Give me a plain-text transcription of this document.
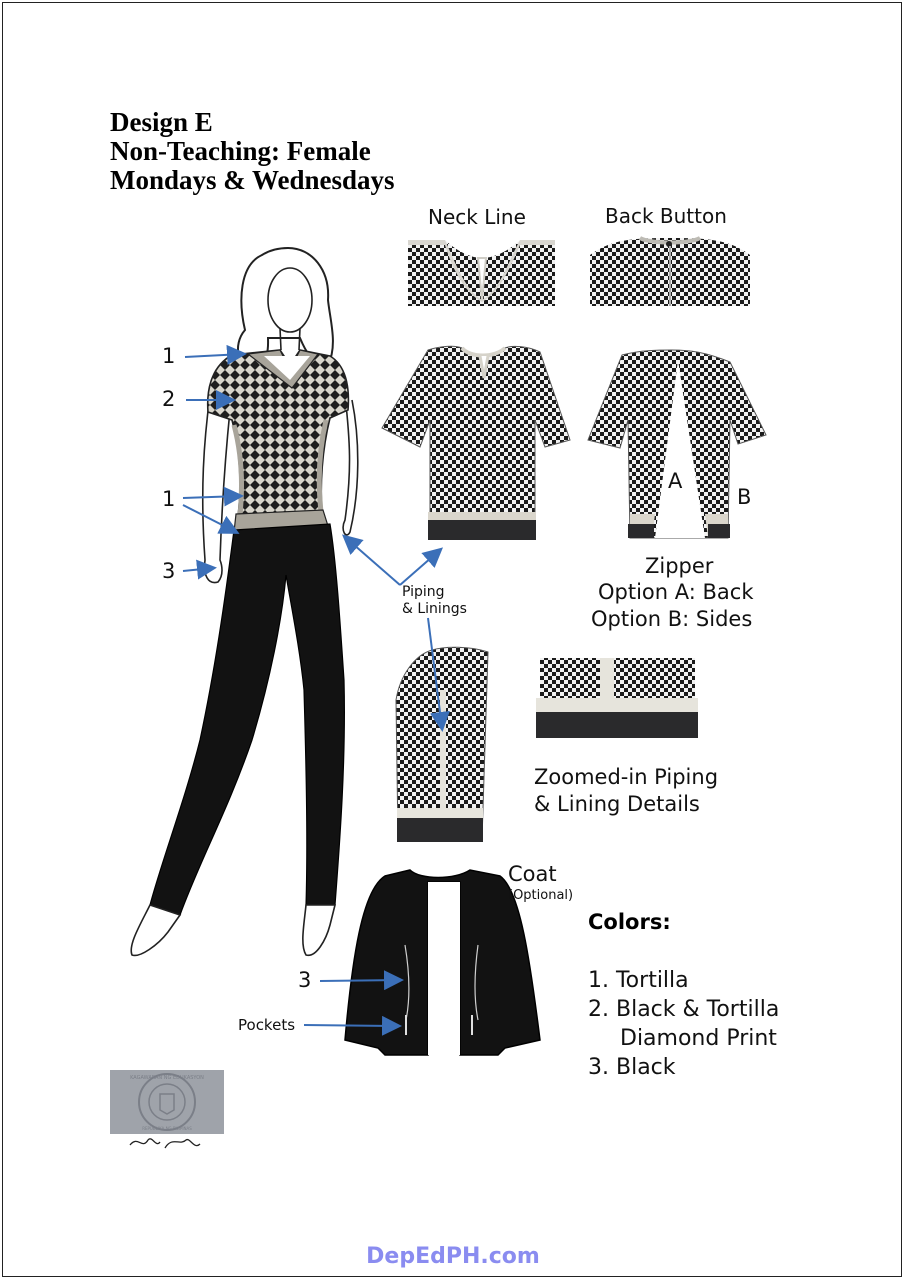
Design E
Non-Teaching: Female
Mondays & Wednesdays
A
B
Neck Line	Back Button
Zipper
Option A: Back
Option B: Sides
Zoomed-in Piping
& Lining Details
Coat
(Optional)
1
2
1
3
3
Piping
& Linings
Pockets
Colors:
1. Tortilla
2. Black & Tortilla
Diamond Print
3. Black
KAGAWARAN NG EDUKASYON
REPUBLIKA NG PILIPINAS
DepEdPH.com
